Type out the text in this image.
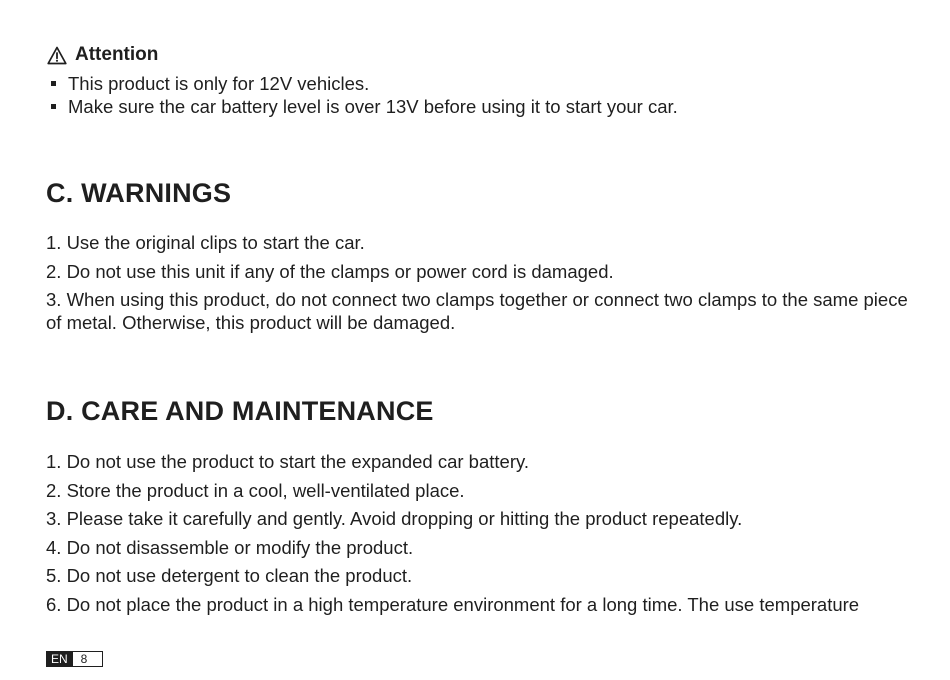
Attention
This product is only for 12V vehicles.
Make sure the car battery level is over 13V before using it to start your car.
C. WARNINGS
1. Use the original clips to start the car.
2. Do not use this unit if any of the clamps or power cord is damaged.
3. When using this product, do not connect two clamps together or connect two clamps to the same piece of metal. Otherwise, this product will be damaged.
D. CARE AND MAINTENANCE
1. Do not use the product to start the expanded car battery.
2. Store the product in a cool, well-ventilated place.
3. Please take it carefully and gently. Avoid dropping or hitting the product repeatedly.
4. Do not disassemble or modify the product.
5. Do not use detergent to clean the product.
6. Do not place the product in a high temperature environment for a long time. The use temperature
EN	8
